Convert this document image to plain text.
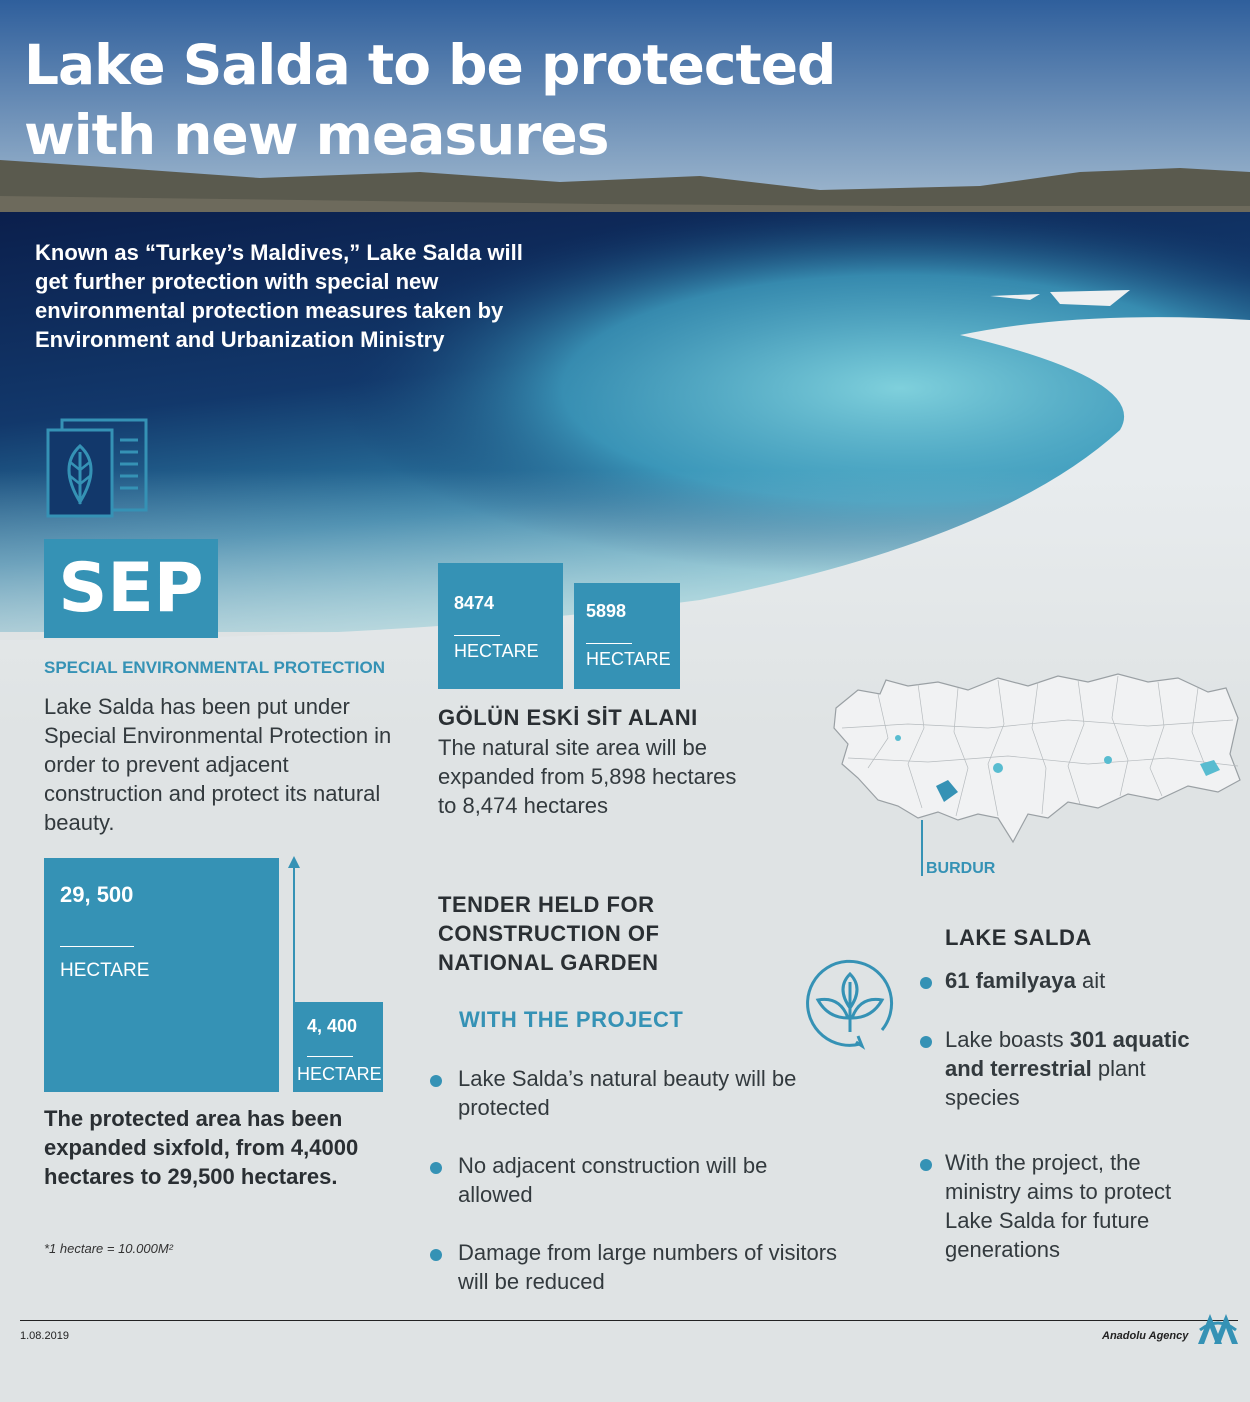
Lake Salda to be protected
with new measures
Known as “Turkey’s Maldives,” Lake Salda will get further protection with special new environmental protection measures taken by Environment and Urbanization Ministry
SEP
SPECIAL ENVIRONMENTAL PROTECTION
Lake Salda has been put under Special Environmental Protection in order to prevent adjacent construction and protect its natural beauty.
8474
HECTARE
5898
HECTARE
GÖLÜN ESKİ SİT ALANI
The natural site area will be expanded from 5,898 hectares to 8,474 hectares
29, 500
HECTARE
4, 400
HECTARE
The protected area has been expanded sixfold, from 4,4000 hectares to 29,500 hectares.
*1 hectare = 10.000M²
TENDER HELD FOR CONSTRUCTION OF NATIONAL GARDEN
WITH THE PROJECT
Lake Salda’s natural beauty will be protected
No adjacent construction will be allowed
Damage from large numbers of visitors will be reduced
BURDUR
LAKE SALDA
61 familyaya ait
Lake boasts 301 aquatic and terrestrial plant species
With the project, the ministry aims to protect Lake Salda for future generations
1.08.2019	Anadolu Agency
